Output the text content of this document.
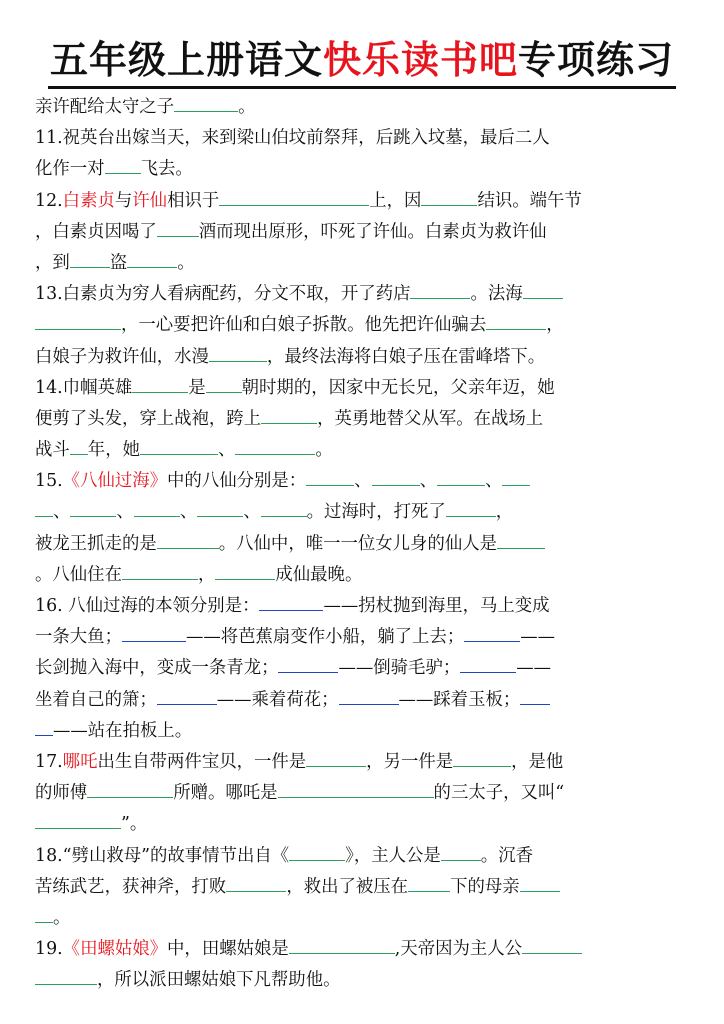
五年级上册语文快乐读书吧专项练习
亲许配给太守之子	。
11.祝英台出嫁当天，来到梁山伯坟前祭拜，后跳入坟墓，最后二人
化作一对 飞去。
12.白素贞与许仙相识于	上，因	结识。端午节
，白素贞因喝了 酒而现出原形，吓死了许仙。白素贞为救许仙
，到 盗	。
13.白素贞为穷人看病配药，分文不取，开了药店	。法海
，一心要把许仙和白娘子拆散。他先把许仙骗去	，
白娘子为救许仙，水漫	，最终法海将白娘子压在雷峰塔下。
14.巾帼英雄	是 朝时期的，因家中无长兄，父亲年迈，她
便剪了头发，穿上战袍，跨上	，英勇地替父从军。在战场上
战斗 年，她	、	。
15.《八仙过海》中的八仙分别是：	、	、	、
、	、	、	、	。过海时，打死了	，
被龙王抓走的是	。八仙中，唯一一位女儿身的仙人是
。八仙住在	，	成仙最晚。
16. 八仙过海的本领分别是：	——拐杖抛到海里，马上变成
一条大鱼；	——将芭蕉扇变作小船，躺了上去；	——
长剑抛入海中，变成一条青龙；	——倒骑毛驴；	——
坐着自己的箫；	——乘着荷花；	——踩着玉板；
——站在拍板上。
17.哪吒出生自带两件宝贝，一件是	，另一件是	，是他
的师傅	所赠。哪吒是	的三太子，又叫“
”。
18.“劈山救母”的故事情节出自《	》，主人公是 。沉香
苦练武艺，获神斧，打败	，救出了被压在 下的母亲
。
19.《田螺姑娘》中，田螺姑娘是	,天帝因为主人公
，所以派田螺姑娘下凡帮助他。
